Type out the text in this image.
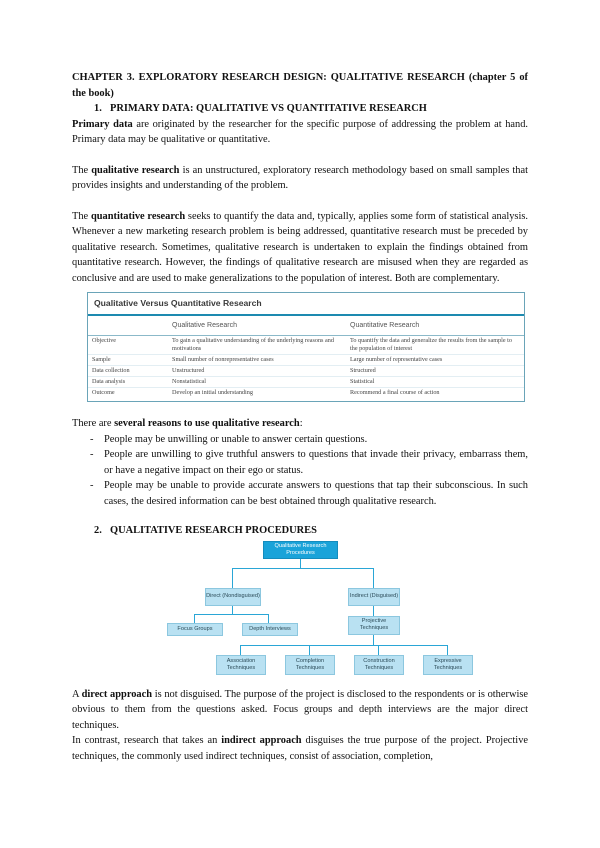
CHAPTER 3. EXPLORATORY RESEARCH DESIGN: QUALITATIVE RESEARCH (chapter 5 of the book)

1. PRIMARY DATA: QUALITATIVE VS QUANTITATIVE RESEARCH

Primary data are originated by the researcher for the specific purpose of addressing the problem at hand. Primary data may be qualitative or quantitative.

The qualitative research is an unstructured, exploratory research methodology based on small samples that provides insights and understanding of the problem.

The quantitative research seeks to quantify the data and, typically, applies some form of statistical analysis. Whenever a new marketing research problem is being addressed, quantitative research must be preceded by qualitative research. Sometimes, qualitative research is undertaken to explain the findings obtained from quantitative research. However, the findings of qualitative research are misused when they are regarded as conclusive and are used to make generalizations to the population of interest. Both are complementary.

Qualitative Versus Quantitative Research
	Qualitative Research	Quantitative Research
Objective	To gain a qualitative understanding of the underlying reasons and motivations	To quantify the data and generalize the results from the sample to the population of interest
Sample	Small number of nonrepresentative cases	Large number of representative cases
Data collection	Unstructured	Structured
Data analysis	Nonstatistical	Statistical
Outcome	Develop an initial understanding	Recommend a final course of action

There are several reasons to use qualitative research:

- People may be unwilling or unable to answer certain questions.
- People are unwilling to give truthful answers to questions that invade their privacy, embarrass them, or have a negative impact on their ego or status.
- People may be unable to provide accurate answers to questions that tap their subconscious. In such cases, the desired information can be best obtained through qualitative research.

2. QUALITATIVE RESEARCH PROCEDURES

Qualitative Research Procedures
Direct (Nondisguised)	Indirect (Disguised)
Focus Groups	Depth Interviews
Projective Techniques
Association Techniques
Completion Techniques
Construction Techniques
Expressive Techniques

A direct approach is not disguised. The purpose of the project is disclosed to the respondents or is otherwise obvious to them from the questions asked. Focus groups and depth interviews are the major direct techniques.

In contrast, research that takes an indirect approach disguises the true purpose of the project. Projective techniques, the commonly used indirect techniques, consist of association, completion,
